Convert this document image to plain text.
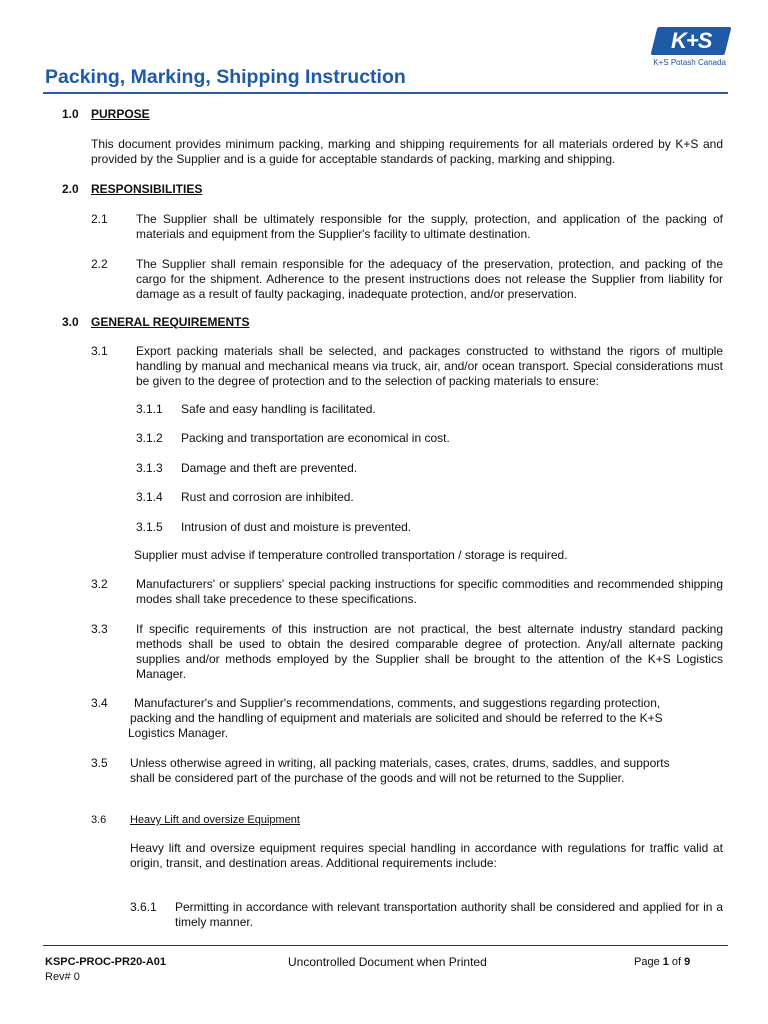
K+S
K+S Potash Canada
Packing, Marking, Shipping Instruction
1.0 PURPOSE
This document provides minimum packing, marking and shipping requirements for all materials ordered by K+S and provided by the Supplier and is a guide for acceptable standards of packing, marking and shipping.
2.0 RESPONSIBILITIES
2.1 The Supplier shall be ultimately responsible for the supply, protection, and application of the packing of materials and equipment from the Supplier's facility to ultimate destination.
2.2 The Supplier shall remain responsible for the adequacy of the preservation, protection, and packing of the cargo for the shipment. Adherence to the present instructions does not release the Supplier from liability for damage as a result of faulty packaging, inadequate protection, and/or preservation.
3.0 GENERAL REQUIREMENTS
3.1 Export packing materials shall be selected, and packages constructed to withstand the rigors of multiple handling by manual and mechanical means via truck, air, and/or ocean transport. Special considerations must be given to the degree of protection and to the selection of packing materials to ensure:
3.1.1 Safe and easy handling is facilitated.
3.1.2 Packing and transportation are economical in cost.
3.1.3 Damage and theft are prevented.
3.1.4 Rust and corrosion are inhibited.
3.1.5 Intrusion of dust and moisture is prevented.
Supplier must advise if temperature controlled transportation / storage is required.
3.2 Manufacturers' or suppliers' special packing instructions for specific commodities and recommended shipping modes shall take precedence to these specifications.
3.3 If specific requirements of this instruction are not practical, the best alternate industry standard packing methods shall be used to obtain the desired comparable degree of protection. Any/all alternate packing supplies and/or methods employed by the Supplier shall be brought to the attention of the K+S Logistics Manager.
3.4 Manufacturer's and Supplier's recommendations, comments, and suggestions regarding protection,
packing and the handling of equipment and materials are solicited and should be referred to the K+S
Logistics Manager.
3.5 Unless otherwise agreed in writing, all packing materials, cases, crates, drums, saddles, and supports
shall be considered part of the purchase of the goods and will not be returned to the Supplier.
3.6 Heavy Lift and oversize Equipment
Heavy lift and oversize equipment requires special handling in accordance with regulations for traffic valid at origin, transit, and destination areas. Additional requirements include:
3.6.1 Permitting in accordance with relevant transportation authority shall be considered and applied for in a timely manner.
KSPC-PROC-PR20-A01
Rev# 0
Uncontrolled Document when Printed	Page 1 of 9
